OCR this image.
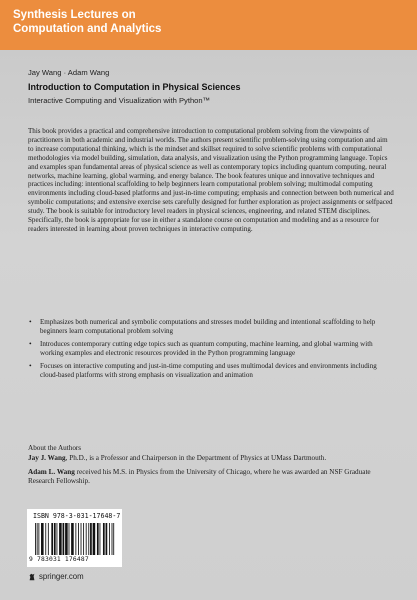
Synthesis Lectures on
Computation and Analytics
Jay Wang · Adam Wang
Introduction to Computation in Physical Sciences
Interactive Computing and Visualization with Python™

This book provides a practical and comprehensive introduction to computational problem solving from the viewpoints of practitioners in both academic and industrial worlds. The authors present scientific problem-solving using computation and aim to increase computational thinking, which is the mindset and skillset required to solve scientific problems with computational methodologies via model building, simulation, data analysis, and visualization using the Python programming language. Topics and examples span fundamental areas of physical science as well as contemporary topics including quantum computing, neural networks, machine learning, global warming, and energy balance. The book features unique and innovative techniques and practices including: intentional scaffolding to help beginners learn computational problem solving; multimodal computing environments including cloud-based platforms and just-in-time computing; emphasis and connection between both numerical and symbolic computations; and extensive exercise sets carefully designed for further exploration as project assignments or selfpaced study. The book is suitable for introductory level readers in physical sciences, engineering, and related STEM disciplines. Specifically, the book is appropriate for use in either a standalone course on computation and modeling and as a resource for readers interested in learning about proven techniques in interactive computing.

• Emphasizes both numerical and symbolic computations and stresses model building and intentional scaffolding to help beginners learn computational problem solving
• Introduces contemporary cutting edge topics such as quantum computing, machine learning, and global warming with working examples and electronic resources provided in the Python programming language
• Focuses on interactive computing and just-in-time computing and uses multimodal devices and environments including cloud-based platforms with strong emphasis on visualization and animation
About the Authors

Jay J. Wang, Ph.D., is a Professor and Chairperson in the Department of Physics at UMass Dartmouth.

Adam L. Wang received his M.S. in Physics from the University of Chicago, where he was awarded an NSF Graduate Research Fellowship.

ISBN 978-3-031-17648-7
9 783031 176487
springer.com
